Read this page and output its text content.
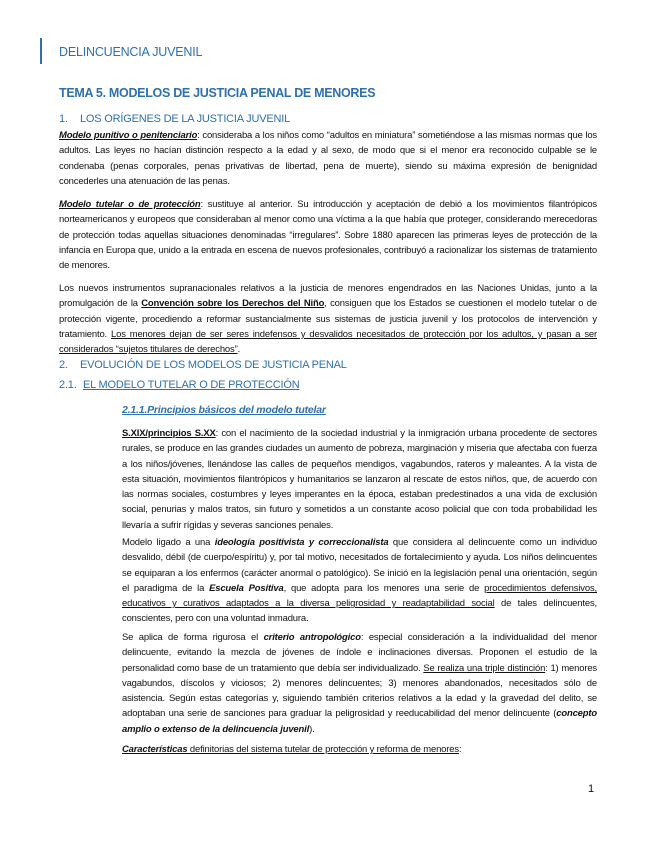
DELINCUENCIA JUVENIL
TEMA 5. MODELOS DE JUSTICIA PENAL DE MENORES
1. LOS ORÍGENES DE LA JUSTICIA JUVENIL
Modelo punitivo o penitenciario: consideraba a los niños como “adultos en miniatura” sometiéndose a las mismas normas que los adultos. Las leyes no hacían distinción respecto a la edad y al sexo, de modo que si el menor era reconocido culpable se le condenaba (penas corporales, penas privativas de libertad, pena de muerte), siendo su máxima expresión de benignidad concederles una atenuación de las penas.
Modelo tutelar o de protección: sustituye al anterior. Su introducción y aceptación de debió a los movimientos filantrópicos norteamericanos y europeos que consideraban al menor como una víctima a la que había que proteger, considerando merecedoras de protección todas aquellas situaciones denominadas “irregulares”. Sobre 1880 aparecen las primeras leyes de protección de la infancia en Europa que, unido a la entrada en escena de nuevos profesionales, contribuyó a racionalizar los sistemas de tratamiento de menores.
Los nuevos instrumentos supranacionales relativos a la justicia de menores engendrados en las Naciones Unidas, junto a la promulgación de la Convención sobre los Derechos del Niño, consiguen que los Estados se cuestionen el modelo tutelar o de protección vigente, procediendo a reformar sustancialmente sus sistemas de justicia juvenil y los protocolos de intervención y tratamiento. Los menores dejan de ser seres indefensos y desvalidos necesitados de protección por los adultos, y pasan a ser considerados “sujetos titulares de derechos”.
2. EVOLUCIÓN DE LOS MODELOS DE JUSTICIA PENAL
2.1. EL MODELO TUTELAR O DE PROTECCIÓN
2.1.1.Principios básicos del modelo tutelar
S.XIX/principios S.XX: con el nacimiento de la sociedad industrial y la inmigración urbana procedente de sectores rurales, se produce en las grandes ciudades un aumento de pobreza, marginación y miseria que afectaba con fuerza a los niños/jóvenes, llenándose las calles de pequeños mendigos, vagabundos, rateros y maleantes. A la vista de esta situación, movimientos filantrópicos y humanitarios se lanzaron al rescate de estos niños, que, de acuerdo con las normas sociales, costumbres y leyes imperantes en la época, estaban predestinados a una vida de exclusión social, penurias y malos tratos, sin futuro y sometidos a un constante acoso policial que con toda probabilidad les llevaría a sufrir rígidas y severas sanciones penales.
Modelo ligado a una ideología positivista y correccionalista que considera al delincuente como un individuo desvalido, débil (de cuerpo/espíritu) y, por tal motivo, necesitados de fortalecimiento y ayuda. Los niños delincuentes se equiparan a los enfermos (carácter anormal o patológico). Se inició en la legislación penal una orientación, según el paradigma de la Escuela Positiva, que adopta para los menores una serie de procedimientos defensivos, educativos y curativos adaptados a la diversa peligrosidad y readaptabilidad social de tales delincuentes, conscientes, pero con una voluntad inmadura.
Se aplica de forma rigurosa el criterio antropológico: especial consideración a la individualidad del menor delincuente, evitando la mezcla de jóvenes de índole e inclinaciones diversas. Proponen el estudio de la personalidad como base de un tratamiento que debía ser individualizado. Se realiza una triple distinción: 1) menores vagabundos, díscolos y viciosos; 2) menores delincuentes; 3) menores abandonados, necesitados sólo de asistencia. Según estas categorías y, siguiendo también criterios relativos a la edad y la gravedad del delito, se adoptaban una serie de sanciones para graduar la peligrosidad y reeducabilidad del menor delincuente (concepto amplio o extenso de la delincuencia juvenil).
Características definitorias del sistema tutelar de protección y reforma de menores:
1
